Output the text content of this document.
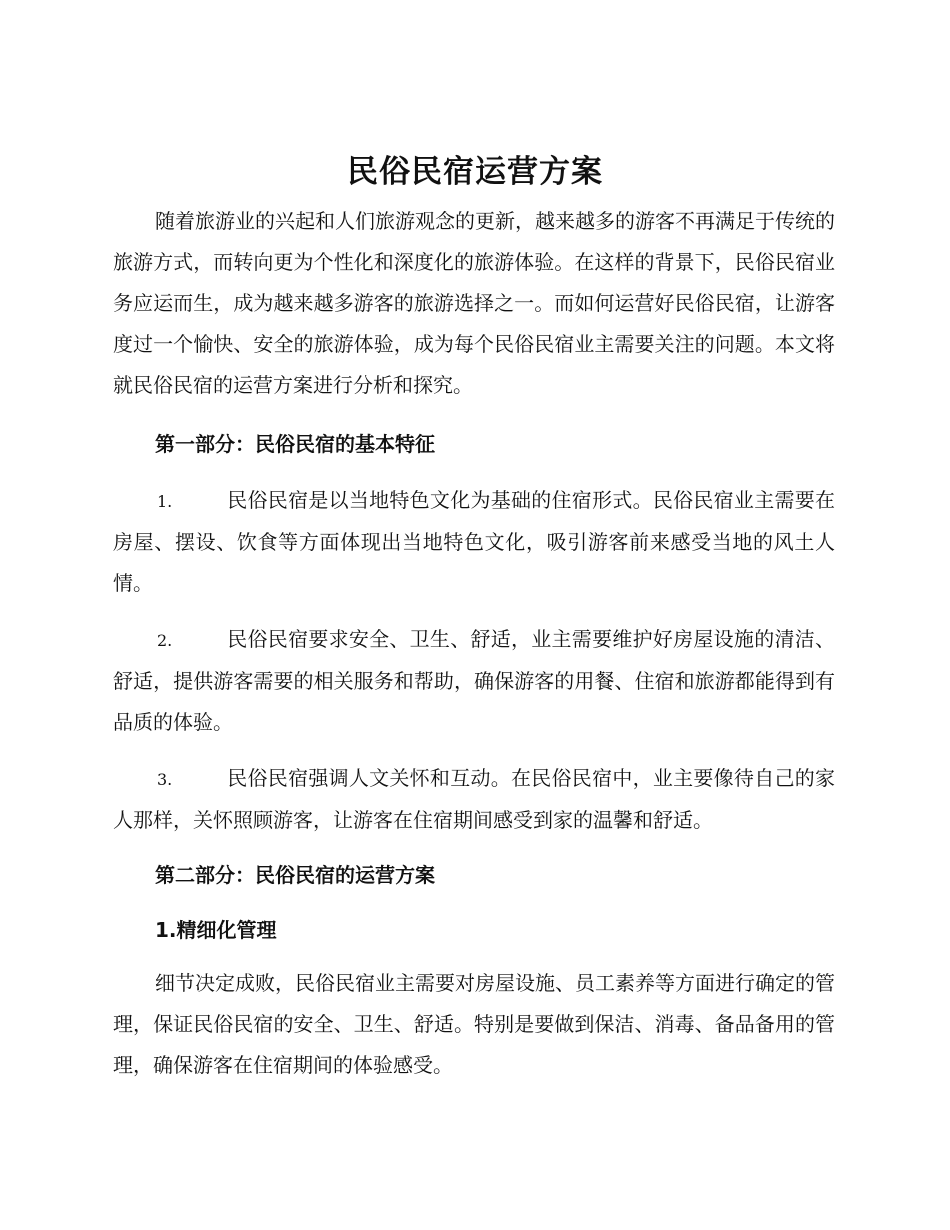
民俗民宿运营方案
随着旅游业的兴起和人们旅游观念的更新，越来越多的游客不再满足于传统的旅游方式，而转向更为个性化和深度化的旅游体验。在这样的背景下，民俗民宿业务应运而生，成为越来越多游客的旅游选择之一。而如何运营好民俗民宿，让游客度过一个愉快、安全的旅游体验，成为每个民俗民宿业主需要关注的问题。本文将就民俗民宿的运营方案进行分析和探究。
第一部分：民俗民宿的基本特征
1.	民俗民宿是以当地特色文化为基础的住宿形式。民俗民宿业主需要在房屋、摆设、饮食等方面体现出当地特色文化，吸引游客前来感受当地的风土人情。
2.	民俗民宿要求安全、卫生、舒适，业主需要维护好房屋设施的清洁、舒适，提供游客需要的相关服务和帮助，确保游客的用餐、住宿和旅游都能得到有品质的体验。
3.	民俗民宿强调人文关怀和互动。在民俗民宿中，业主要像待自己的家人那样，关怀照顾游客，让游客在住宿期间感受到家的温馨和舒适。
第二部分：民俗民宿的运营方案
1.精细化管理
细节决定成败，民俗民宿业主需要对房屋设施、员工素养等方面进行确定的管理，保证民俗民宿的安全、卫生、舒适。特别是要做到保洁、消毒、备品备用的管理，确保游客在住宿期间的体验感受。
